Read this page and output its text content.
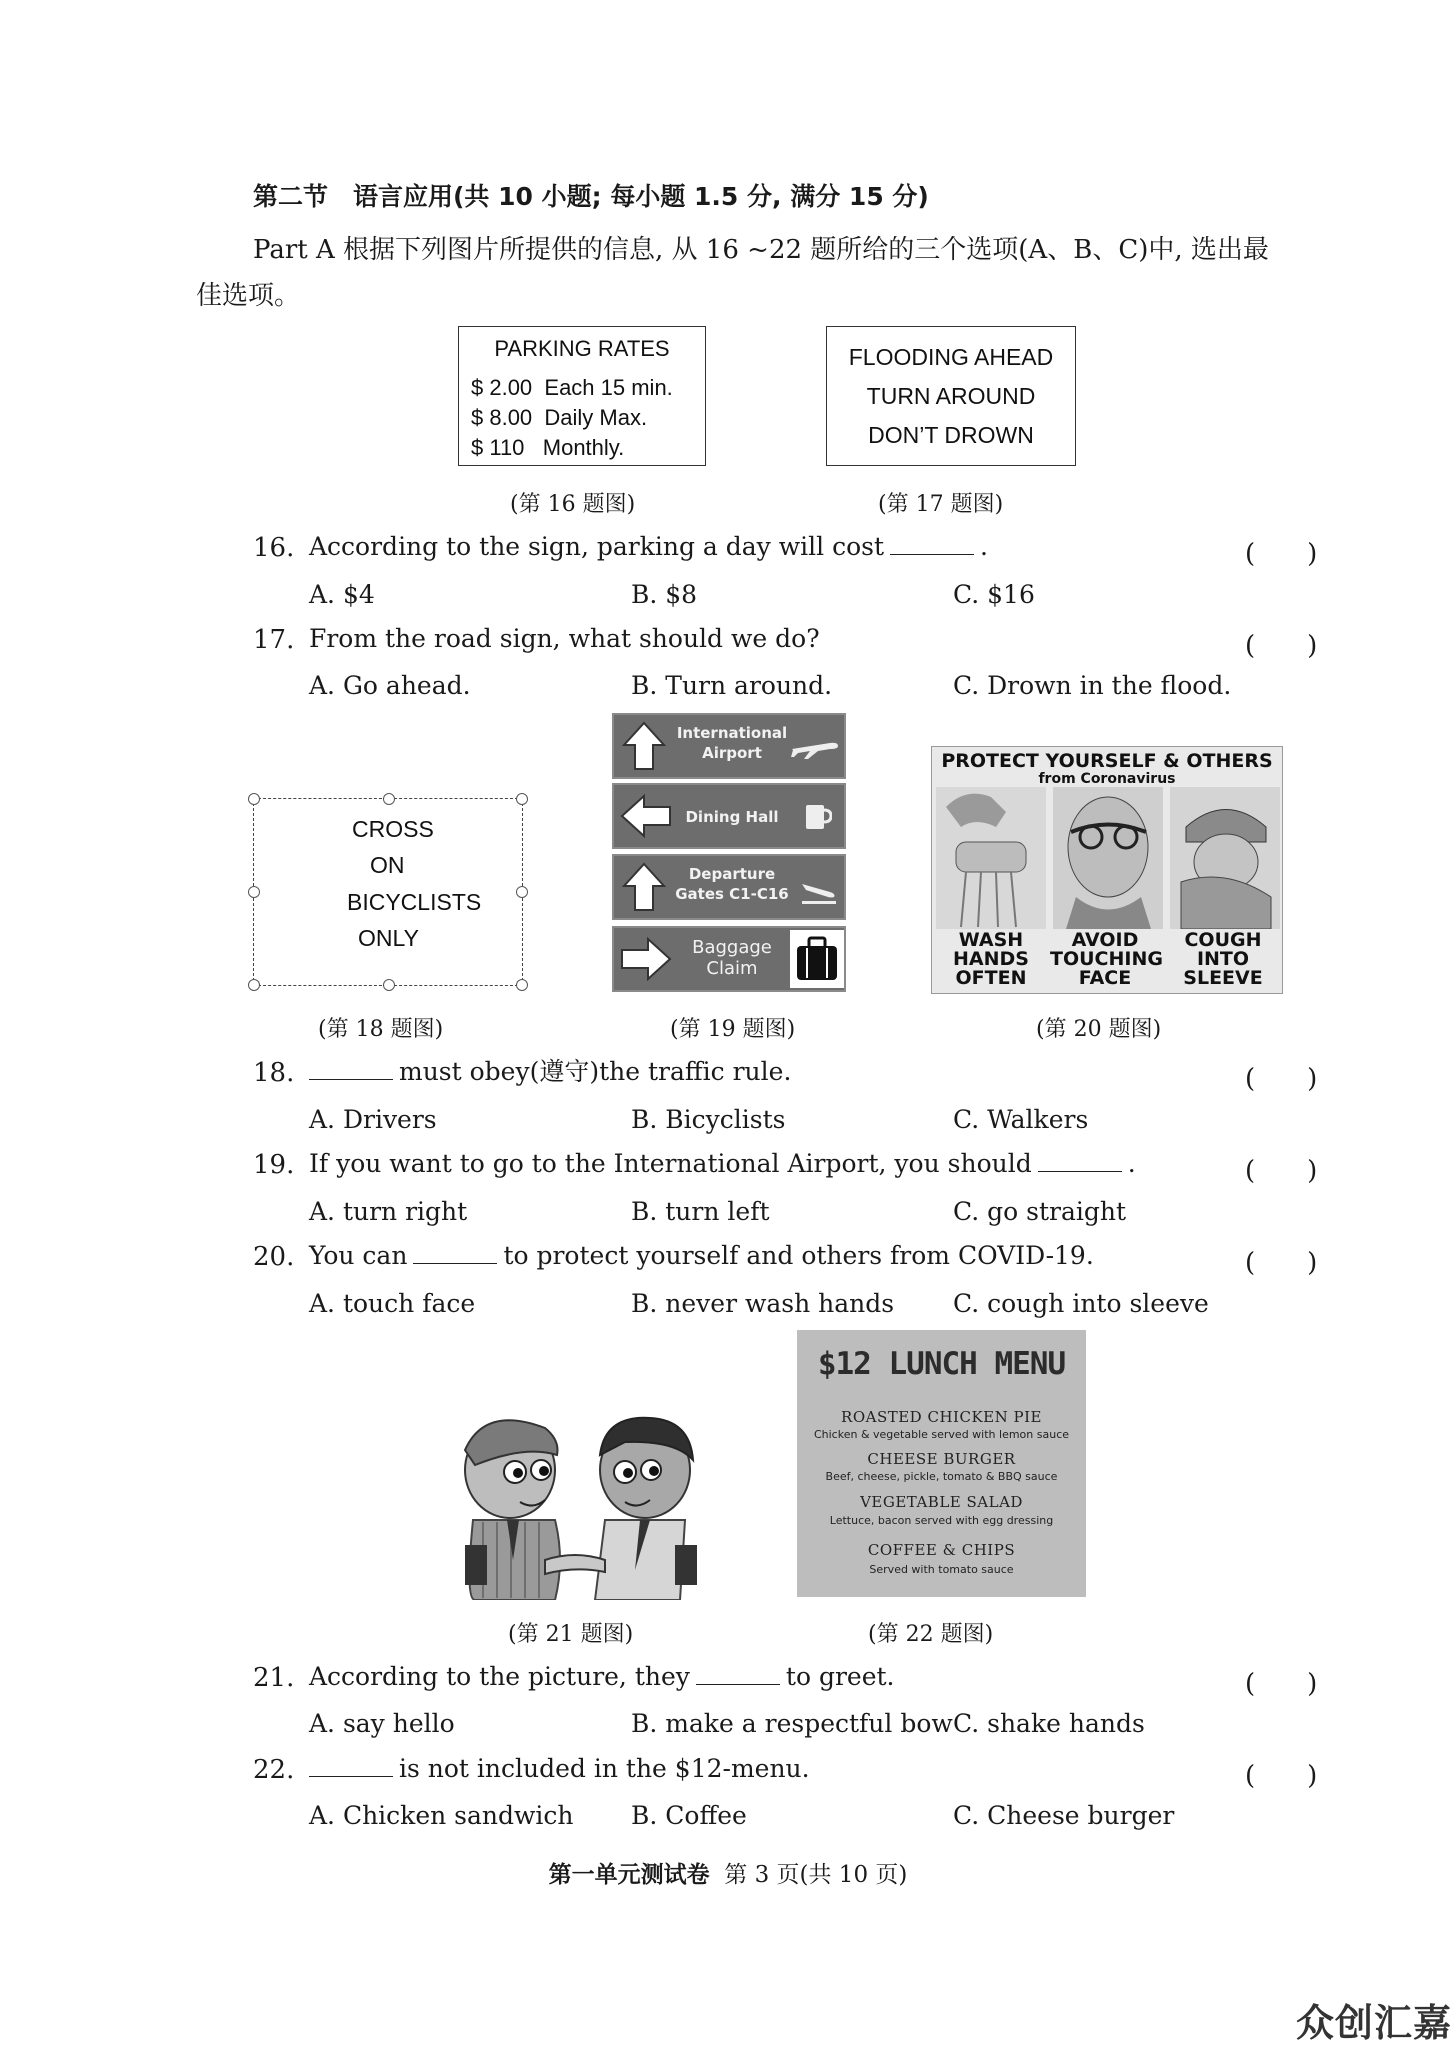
第二节　语言应用(共 10 小题; 每小题 1.5 分, 满分 15 分)
Part A 根据下列图片所提供的信息, 从 16 ~22 题所给的三个选项(A、B、C)中, 选出最
佳选项。
PARKING RATES
$ 2.00  Each 15 min.
$ 8.00  Daily Max.
$ 110   Monthly.
FLOODING AHEAD
TURN AROUND
DON’T DROWN
(第 16 题图)	(第 17 题图)
16. According to the sign, parking a day will cost	.	(　　)
A. $4	B. $8	C. $16
17. From the road sign, what should we do?	(　　)
A. Go ahead.	B. Turn around.	C. Drown in the flood.
CROSS
ON
BICYCLISTS
ONLY
International
Airport
Dining Hall
Departure
Gates C1-C16
Baggage
Claim
PROTECT YOURSELF & OTHERS
from Coronavirus
WASH
HANDS
OFTEN
AVOID
TOUCHING
FACE
COUGH
INTO
SLEEVE
(第 18 题图)	(第 19 题图)	(第 20 题图)
18.	must obey(遵守)the traffic rule.	(　　)
A. Drivers	B. Bicyclists	C. Walkers
19. If you want to go to the International Airport, you should	.	(　　)
A. turn right	B. turn left	C. go straight
20. You can	to protect yourself and others from COVID-19.	(　　)
A. touch face	B. never wash hands C. cough into sleeve
$12 LUNCH MENU
ROASTED CHICKEN PIE
Chicken & vegetable served with lemon sauce
CHEESE BURGER
Beef, cheese, pickle, tomato & BBQ sauce
VEGETABLE SALAD
Lettuce, bacon served with egg dressing
COFFEE & CHIPS
Served with tomato sauce
(第 21 题图)	(第 22 题图)
21. According to the picture, they	to greet.	(　　)
A. say hello	B. make a respectful bow C. shake hands
22.	is not included in the $12-menu.	(　　)
A. Chicken sandwich B. Coffee	C. Cheese burger
第一单元测试卷 第 3 页(共 10 页)
众创汇嘉
